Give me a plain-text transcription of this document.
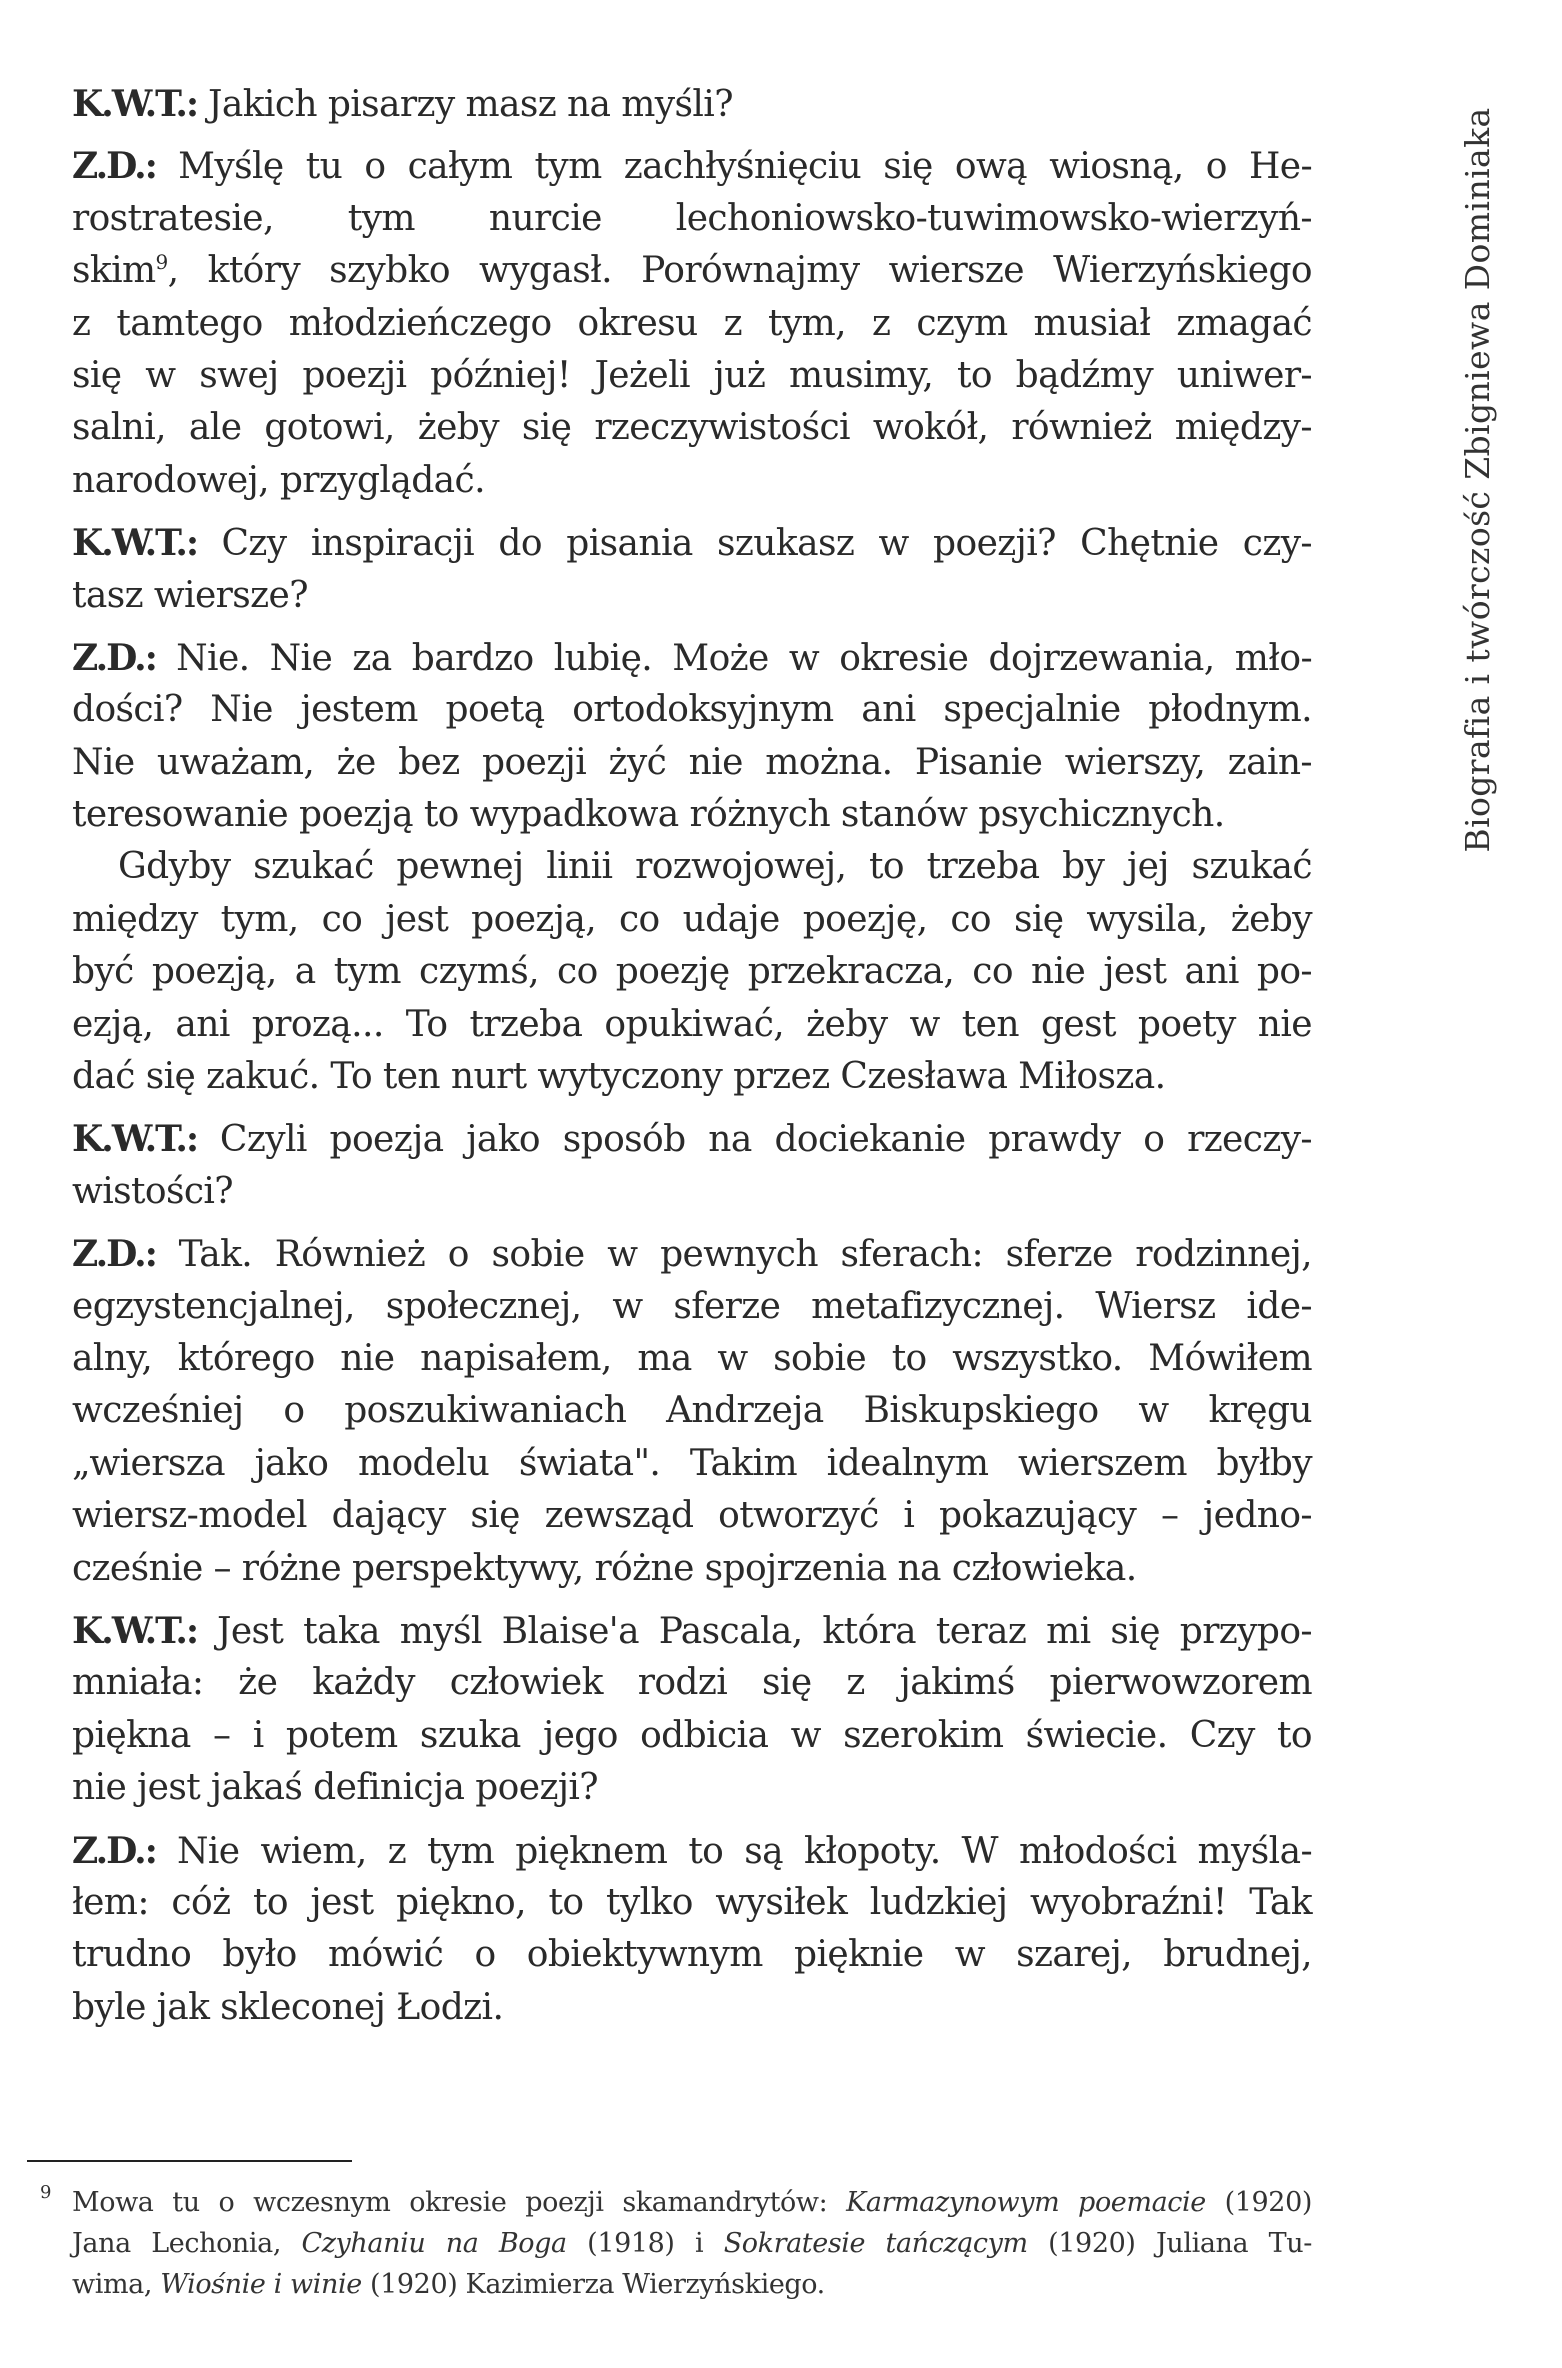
Biografia i twórczość Zbigniewa Dominiaka
K.W.T.: Jakich pisarzy masz na myśli?
Z.D.: Myślę tu o całym tym zachłyśnięciu się ową wiosną, o He-
rostratesie, tym nurcie lechoniowsko-tuwimowsko-wierzyń-
skim$^9$, który szybko wygasł. Porównajmy wiersze Wierzyńskiego
z tamtego młodzieńczego okresu z tym, z czym musiał zmagać
się w swej poezji później! Jeżeli już musimy, to bądźmy uniwer-
salni, ale gotowi, żeby się rzeczywistości wokół, również między-
narodowej, przyglądać.
K.W.T.: Czy inspiracji do pisania szukasz w poezji? Chętnie czy-
tasz wiersze?
Z.D.: Nie. Nie za bardzo lubię. Może w okresie dojrzewania, mło-
dości? Nie jestem poetą ortodoksyjnym ani specjalnie płodnym.
Nie uważam, że bez poezji żyć nie można. Pisanie wierszy, zain-
teresowanie poezją to wypadkowa różnych stanów psychicznych.
Gdyby szukać pewnej linii rozwojowej, to trzeba by jej szukać
między tym, co jest poezją, co udaje poezję, co się wysila, żeby
być poezją, a tym czymś, co poezję przekracza, co nie jest ani po-
ezją, ani prozą... To trzeba opukiwać, żeby w ten gest poety nie
dać się zakuć. To ten nurt wytyczony przez Czesława Miłosza.
K.W.T.: Czyli poezja jako sposób na dociekanie prawdy o rzeczy-
wistości?
Z.D.: Tak. Również o sobie w pewnych sferach: sferze rodzinnej,
egzystencjalnej, społecznej, w sferze metafizycznej. Wiersz ide-
alny, którego nie napisałem, ma w sobie to wszystko. Mówiłem
wcześniej o poszukiwaniach Andrzeja Biskupskiego w kręgu
„wiersza jako modelu świata". Takim idealnym wierszem byłby
wiersz-model dający się zewsząd otworzyć i pokazujący – jedno-
cześnie – różne perspektywy, różne spojrzenia na człowieka.
K.W.T.: Jest taka myśl Blaise'a Pascala, która teraz mi się przypo-
mniała: że każdy człowiek rodzi się z jakimś pierwowzorem
piękna – i potem szuka jego odbicia w szerokim świecie. Czy to
nie jest jakaś definicja poezji?
Z.D.: Nie wiem, z tym pięknem to są kłopoty. W młodości myśla-
łem: cóż to jest piękno, to tylko wysiłek ludzkiej wyobraźni! Tak
trudno było mówić o obiektywnym pięknie w szarej, brudnej,
byle jak skleconej Łodzi.
9 Mowa tu o wczesnym okresie poezji skamandrytów: Karmazynowym poemacie (1920)
Jana Lechonia, Czyhaniu na Boga (1918) i Sokratesie tańczącym (1920) Juliana Tu-
wima, Wiośnie i winie (1920) Kazimierza Wierzyńskiego.
